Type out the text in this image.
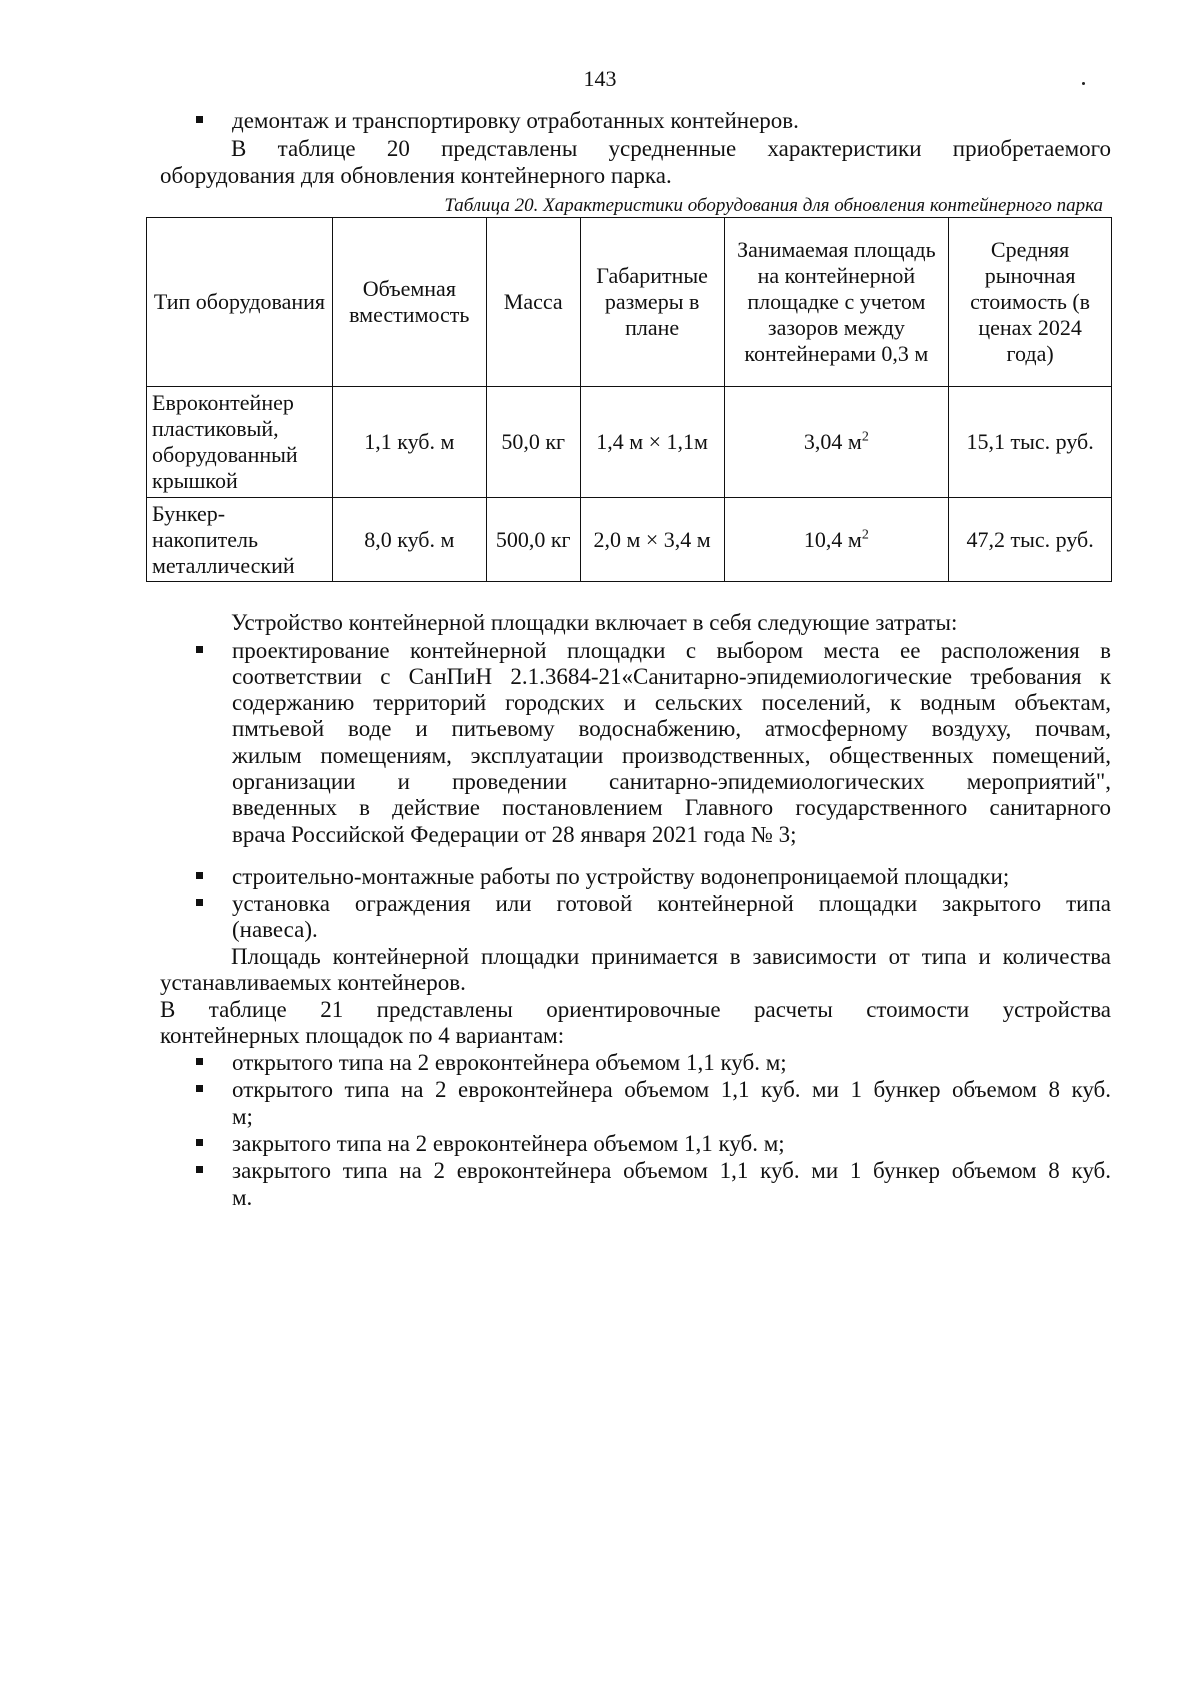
143
демонтаж и транспортировку отработанных контейнеров.
В таблице 20 представлены усредненные характеристики приобретаемого
оборудования для обновления контейнерного парка.
Таблица 20. Характеристики оборудования для обновления контейнерного парка
Тип оборудования	Объемная вместимость	Масса	Габаритные размеры в плане	Занимаемая площадь на контейнерной площадке с учетом зазоров между контейнерами 0,3 м	Средняя рыночная стоимость (в ценах 2024 года)
Евроконтейнер пластиковый, оборудованный крышкой	1,1 куб. м	50,0 кг	1,4 м × 1,1м	3,04 $м^2$	15,1 тыс. руб.
Бункер-накопитель металлический	8,0 куб. м	500,0 кг	2,0 м × 3,4 м	10,4 $м^2$	47,2 тыс. руб.
Устройство контейнерной площадки включает в себя следующие затраты:
проектирование контейнерной площадки с выбором места ее расположения в
соответствии с СанПиН 2.1.3684-21«Санитарно-эпидемиологические требования к
содержанию территорий городских и сельских поселений, к водным объектам,
пмтьевой воде и питьевому водоснабжению, атмосферному воздуху, почвам,
жилым помещениям, эксплуатации производственных, общественных помещений,
организации и проведении санитарно-эпидемиологических мероприятий",
введенных в действие постановлением Главного государственного санитарного
врача Российской Федерации от 28 января 2021 года № 3;
строительно-монтажные работы по устройству водонепроницаемой площадки;
установка ограждения или готовой контейнерной площадки закрытого типа
(навеса).
Площадь контейнерной площадки принимается в зависимости от типа и количества
устанавливаемых контейнеров.
В таблице 21 представлены ориентировочные расчеты стоимости устройства
контейнерных площадок по 4 вариантам:
открытого типа на 2 евроконтейнера объемом 1,1 куб. м;
открытого типа на 2 евроконтейнера объемом 1,1 куб. ми 1 бункер объемом 8 куб.
м;
закрытого типа на 2 евроконтейнера объемом 1,1 куб. м;
закрытого типа на 2 евроконтейнера объемом 1,1 куб. ми 1 бункер объемом 8 куб.
м.
